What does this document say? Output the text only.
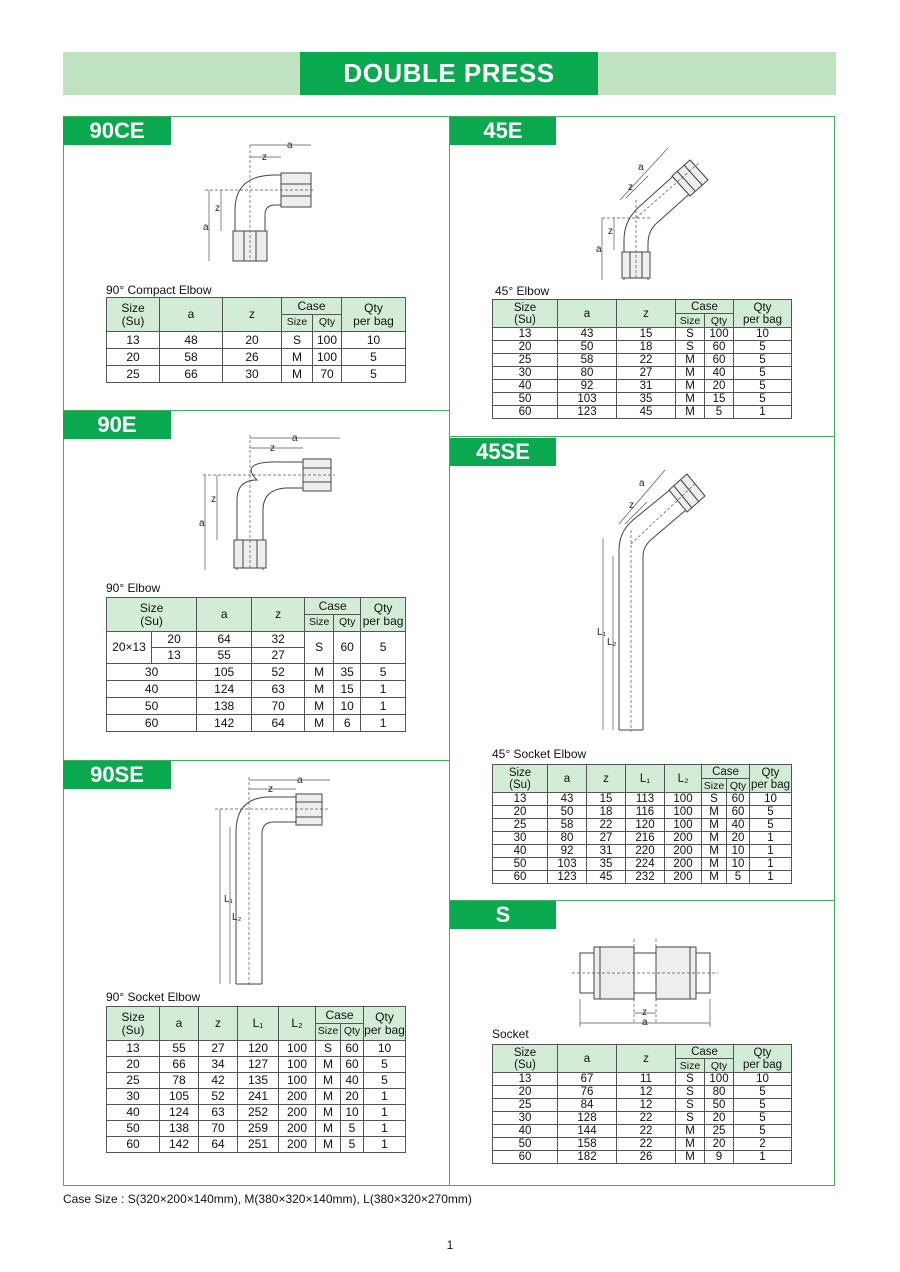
DOUBLE PRESS
90CE
a
z
a
z
90° Compact Elbow
Size
(Su)	a	z	Case		Qty
per bag
			Size	Qty	
13	48	20	S	100	10
20	58	26	M	100	5
25	66	30	M	70	5
90E
a
z
a
z
90° Elbow
Size
(Su)		a	z	Case		Qty
per bag
				Size	Qty	
20×13	20	64	32	S	60	5
	13	55	27			
30		105	52	M	35	5
40		124	63	M	15	1
50		138	70	M	10	1
60		142	64	M	6	1
90SE	a
z
L₁
L₂
90° Socket Elbow
Size
(Su)	a	z	L₁	L₂	Case		Qty
per bag
					Size	Qty	
13	55	27	120	100	S	60	10
20	66	34	127	100	M	60	5
25	78	42	135	100	M	40	5
30	105	52	241	200	M	20	1
40	124	63	252	200	M	10	1
50	138	70	259	200	M	5	1
60	142	64	251	200	M	5	1
45E
a
z
a
z
45° Elbow
Size
(Su)	a	z	Case		Qty
per bag
			Size	Qty	
13	43	15	S	100	10
20	50	18	S	60	5
25	58	22	M	60	5
30	80	27	M	40	5
40	92	31	M	20	5
50	103	35	M	15	5
60	123	45	M	5	1
45SE
L₁
L₂
a
z
45° Socket Elbow
Size
(Su)	a	z	L₁	L₂	Case		Qty
per bag
					Size	Qty	
13	43	15	113	100	S	60	10
20	50	18	116	100	M	60	5
25	58	22	120	100	M	40	5
30	80	27	216	200	M	20	1
40	92	31	220	200	M	10	1
50	103	35	224	200	M	10	1
60	123	45	232	200	M	5	1
S
z
a
Socket
Size
(Su)	a	z	Case		Qty
per bag
			Size	Qty	
13	67	11	S	100	10
20	76	12	S	80	5
25	84	12	S	50	5
30	128	22	S	20	5
40	144	22	M	25	5
50	158	22	M	20	2
60	182	26	M	9	1
Case Size : S(320×200×140mm), M(380×320×140mm), L(380×320×270mm)
1
